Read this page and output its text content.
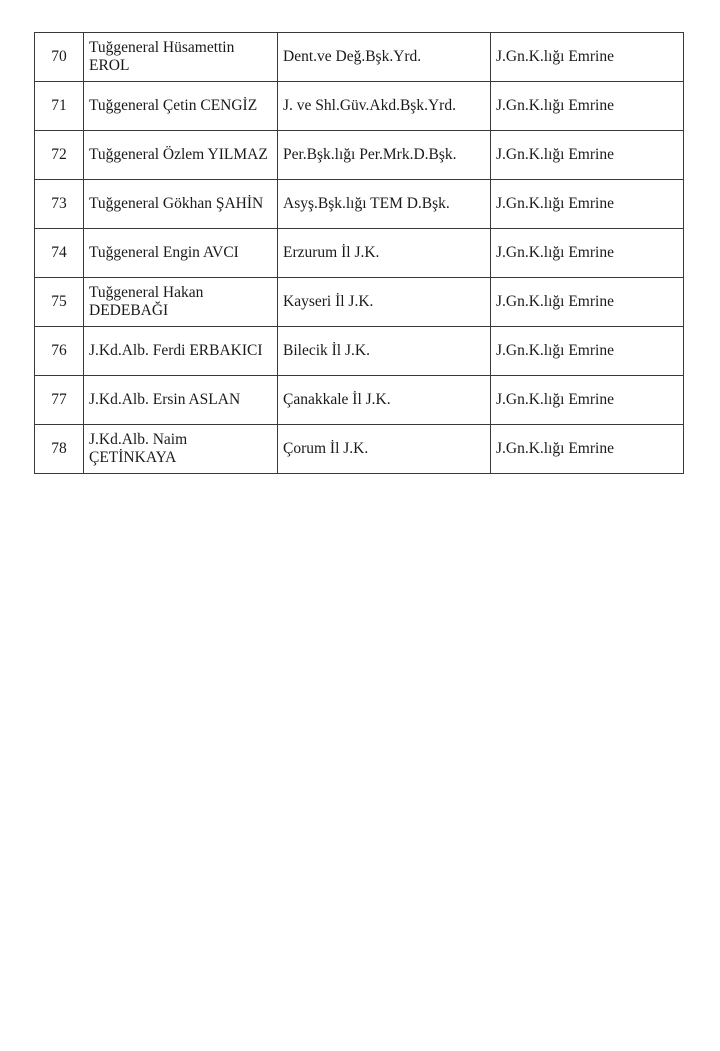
70	Tuğgeneral Hüsamettin EROL	Dent.ve Değ.Bşk.Yrd.	J.Gn.K.lığı Emrine
71	Tuğgeneral Çetin CENGİZ	J. ve Shl.Güv.Akd.Bşk.Yrd.	J.Gn.K.lığı Emrine
72	Tuğgeneral Özlem YILMAZ	Per.Bşk.lığı Per.Mrk.D.Bşk.	J.Gn.K.lığı Emrine
73	Tuğgeneral Gökhan ŞAHİN	Asyş.Bşk.lığı TEM D.Bşk.	J.Gn.K.lığı Emrine
74	Tuğgeneral Engin AVCI	Erzurum İl J.K.	J.Gn.K.lığı Emrine
75	Tuğgeneral Hakan DEDEBAĞI	Kayseri İl J.K.	J.Gn.K.lığı Emrine
76	J.Kd.Alb. Ferdi ERBAKICI	Bilecik İl J.K.	J.Gn.K.lığı Emrine
77	J.Kd.Alb. Ersin ASLAN	Çanakkale İl J.K.	J.Gn.K.lığı Emrine
78	J.Kd.Alb. Naim ÇETİNKAYA	Çorum İl J.K.	J.Gn.K.lığı Emrine
